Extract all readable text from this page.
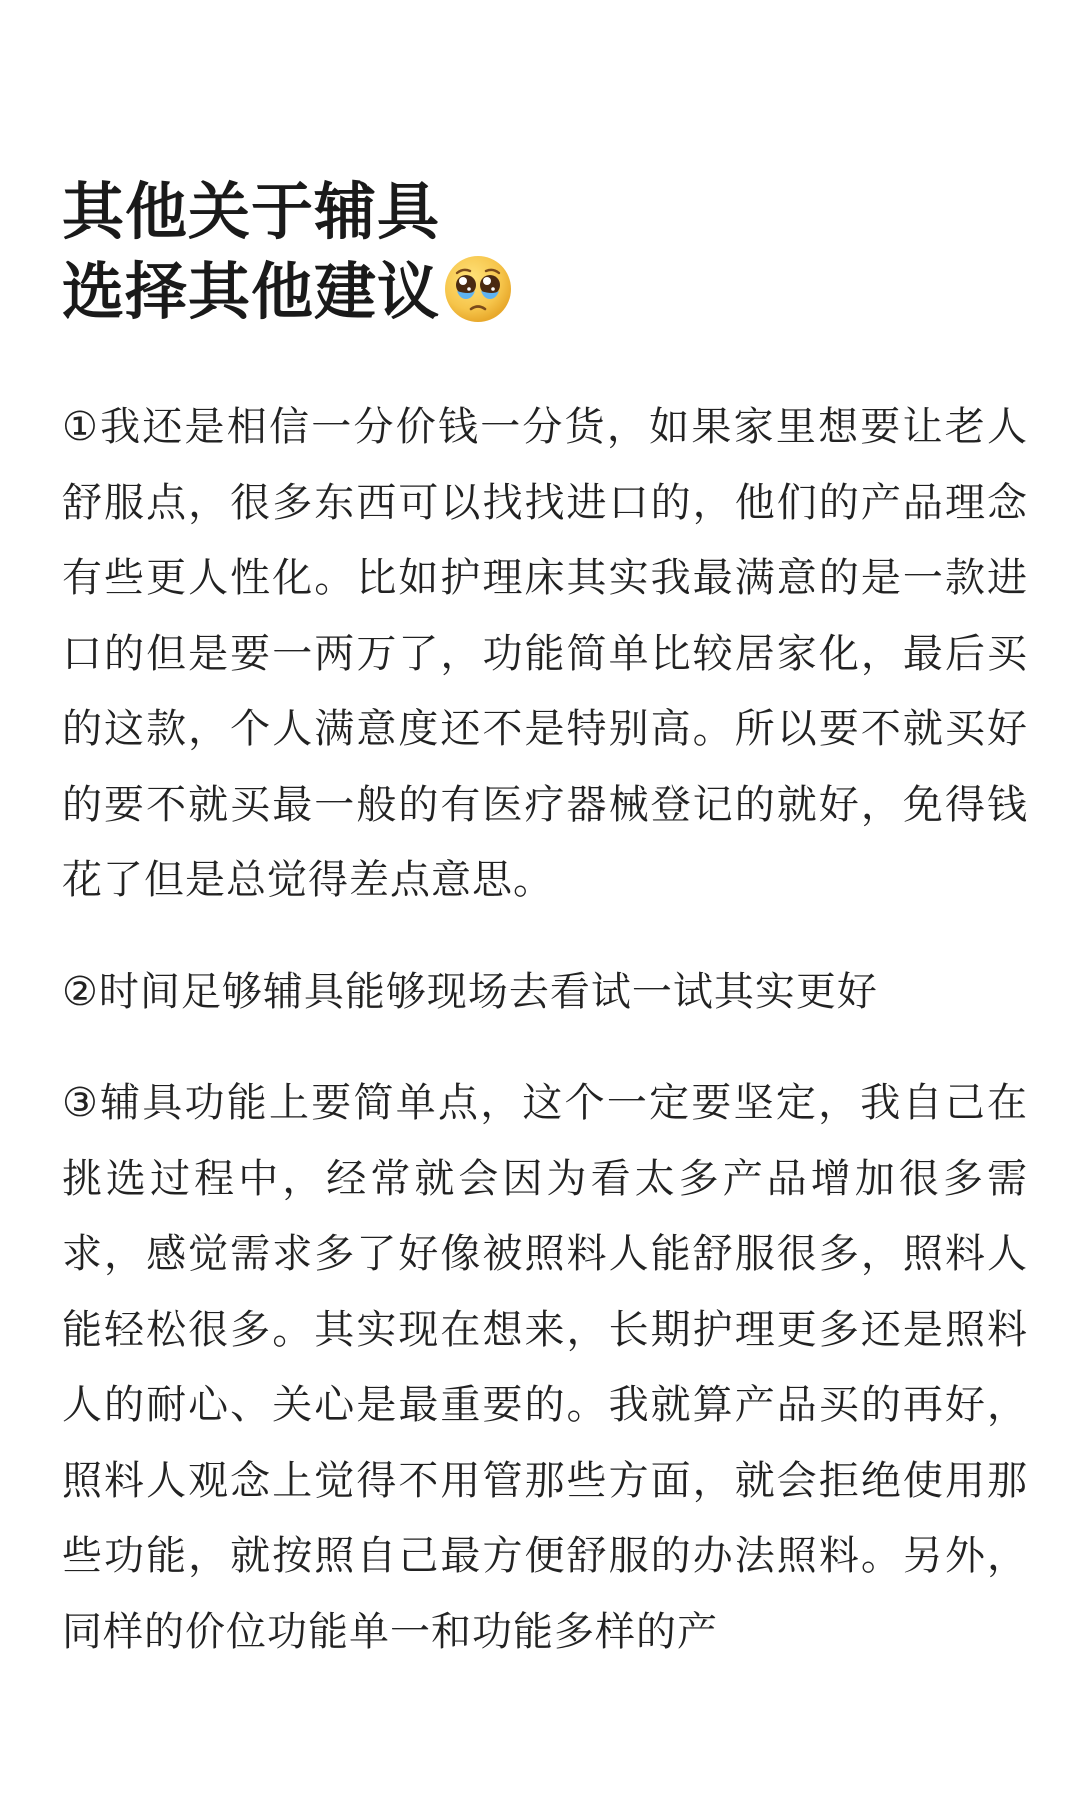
其他关于辅具
选择其他建议

①我还是相信一分价钱一分货，如果家里想要让老人舒服点，很多东西可以找找进口的，他们的产品理念有些更人性化。比如护理床其实我最满意的是一款进口的但是要一两万了，功能简单比较居家化，最后买的这款，个人满意度还不是特别高。所以要不就买好的要不就买最一般的有医疗器械登记的就好，免得钱花了但是总觉得差点意思。

②时间足够辅具能够现场去看试一试其实更好

③辅具功能上要简单点，这个一定要坚定，我自己在挑选过程中，经常就会因为看太多产品增加很多需求，感觉需求多了好像被照料人能舒服很多，照料人能轻松很多。其实现在想来，长期护理更多还是照料人的耐心、关心是最重要的。我就算产品买的再好，照料人观念上觉得不用管那些方面，就会拒绝使用那些功能，就按照自己最方便舒服的办法照料。另外，同样的价位功能单一和功能多样的产
